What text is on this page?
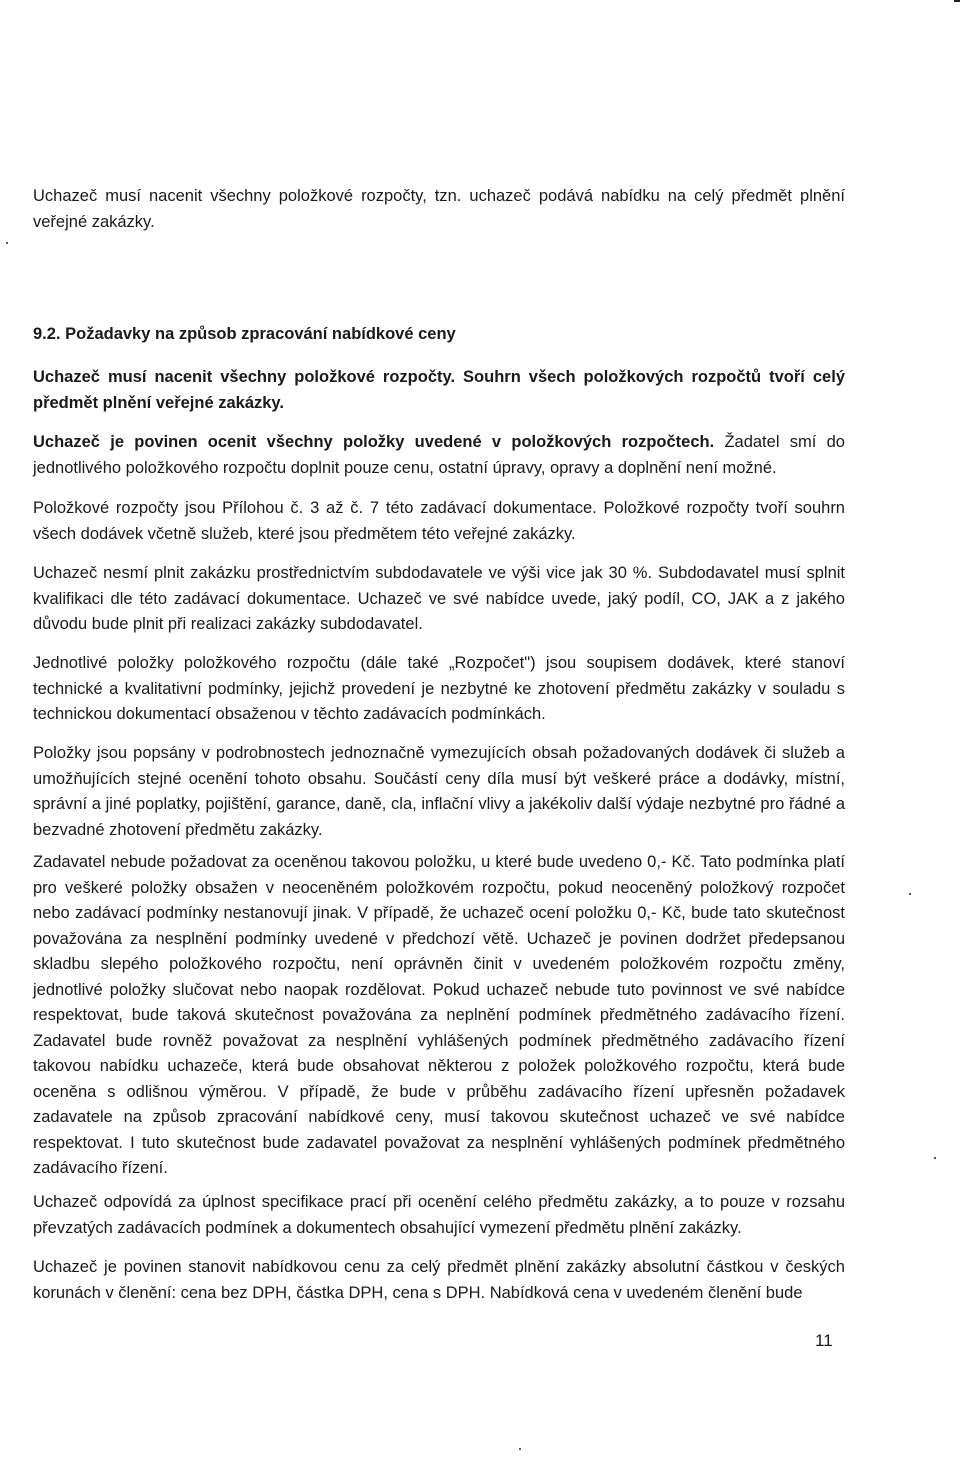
Uchazeč musí nacenit všechny položkové rozpočty, tzn. uchazeč podává nabídku na celý předmět plnění veřejné zakázky.

9.2. Požadavky na způsob zpracování nabídkové ceny

Uchazeč musí nacenit všechny položkové rozpočty. Souhrn všech položkových rozpočtů tvoří celý předmět plnění veřejné zakázky.

Uchazeč je povinen ocenit všechny položky uvedené v položkových rozpočtech. Žadatel smí do jednotlivého položkového rozpočtu doplnit pouze cenu, ostatní úpravy, opravy a doplnění není možné.

Položkové rozpočty jsou Přílohou č. 3 až č. 7 této zadávací dokumentace. Položkové rozpočty tvoří souhrn všech dodávek včetně služeb, které jsou předmětem této veřejné zakázky.

Uchazeč nesmí plnit zakázku prostřednictvím subdodavatele ve výši vice jak 30 %. Subdodavatel musí splnit kvalifikaci dle této zadávací dokumentace. Uchazeč ve své nabídce uvede, jaký podíl, CO, JAK a z jakého důvodu bude plnit při realizaci zakázky subdodavatel.

Jednotlivé položky položkového rozpočtu (dále také „Rozpočet") jsou soupisem dodávek, které stanoví technické a kvalitativní podmínky, jejichž provedení je nezbytné ke zhotovení předmětu zakázky v souladu s technickou dokumentací obsaženou v těchto zadávacích podmínkách.

Položky jsou popsány v podrobnostech jednoznačně vymezujících obsah požadovaných dodávek či služeb a umožňujících stejné ocenění tohoto obsahu. Součástí ceny díla musí být veškeré práce a dodávky, místní, správní a jiné poplatky, pojištění, garance, daně, cla, inflační vlivy a jakékoliv další výdaje nezbytné pro řádné a bezvadné zhotovení předmětu zakázky.

Zadavatel nebude požadovat za oceněnou takovou položku, u které bude uvedeno 0,- Kč. Tato podmínka platí pro veškeré položky obsažen v neoceněném položkovém rozpočtu, pokud neoceněný položkový rozpočet nebo zadávací podmínky nestanovují jinak. V případě, že uchazeč ocení položku 0,- Kč, bude tato skutečnost považována za nesplnění podmínky uvedené v předchozí větě. Uchazeč je povinen dodržet předepsanou skladbu slepého položkového rozpočtu, není oprávněn činit v uvedeném položkovém rozpočtu změny, jednotlivé položky slučovat nebo naopak rozdělovat. Pokud uchazeč nebude tuto povinnost ve své nabídce respektovat, bude taková skutečnost považována za neplnění podmínek předmětného zadávacího řízení. Zadavatel bude rovněž považovat za nesplnění vyhlášených podmínek předmětného zadávacího řízení takovou nabídku uchazeče, která bude obsahovat některou z položek položkového rozpočtu, která bude oceněna s odlišnou výměrou. V případě, že bude v průběhu zadávacího řízení upřesněn požadavek zadavatele na způsob zpracování nabídkové ceny, musí takovou skutečnost uchazeč ve své nabídce respektovat. I tuto skutečnost bude zadavatel považovat za nesplnění vyhlášených podmínek předmětného zadávacího řízení.

Uchazeč odpovídá za úplnost specifikace prací při ocenění celého předmětu zakázky, a to pouze v rozsahu převzatých zadávacích podmínek a dokumentech obsahující vymezení předmětu plnění zakázky.

Uchazeč je povinen stanovit nabídkovou cenu za celý předmět plnění zakázky absolutní částkou v českých korunách v členění: cena bez DPH, částka DPH, cena s DPH. Nabídková cena v uvedeném členění bude

11
